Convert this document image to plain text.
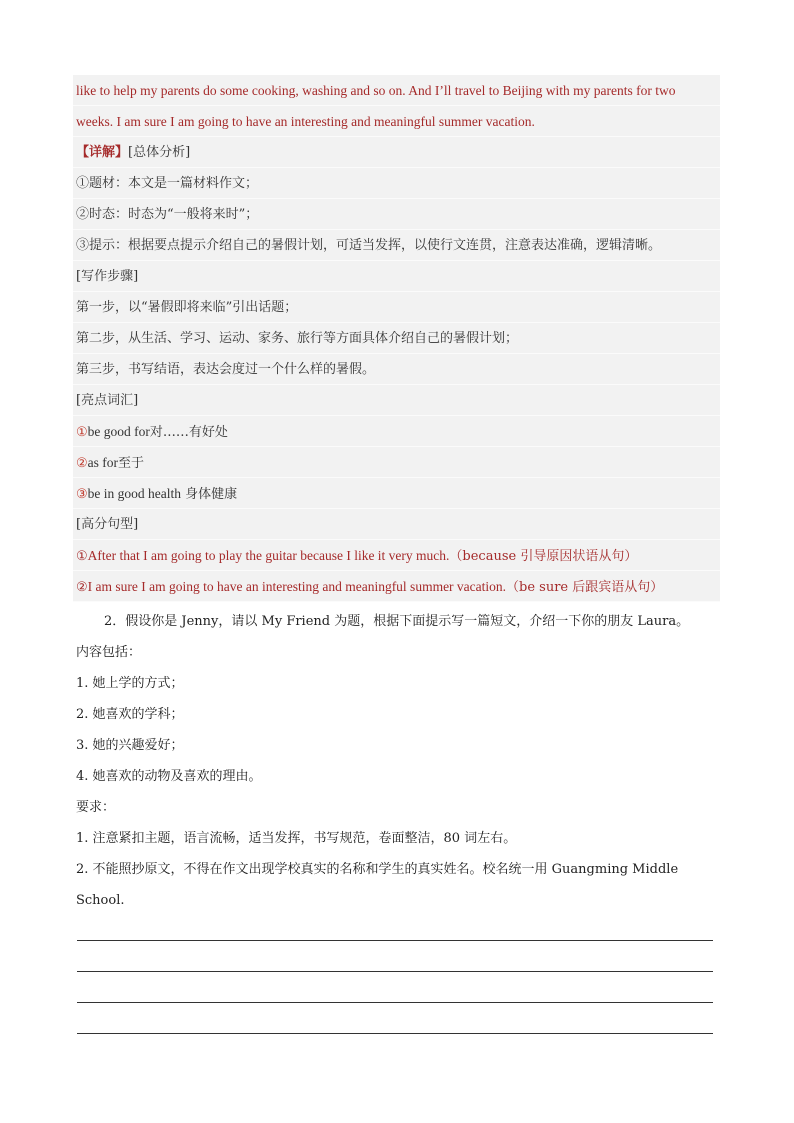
like to help my parents do some cooking, washing and so on. And I’ll travel to Beijing with my parents for two
weeks. I am sure I am going to have an interesting and meaningful summer vacation.
【详解】[总体分析]
①题材：本文是一篇材料作文；
②时态：时态为“一般将来时”；
③提示：根据要点提示介绍自己的暑假计划，可适当发挥，以使行文连贯，注意表达准确，逻辑清晰。
[写作步骤]
第一步，以“暑假即将来临”引出话题；
第二步，从生活、学习、运动、家务、旅行等方面具体介绍自己的暑假计划；
第三步，书写结语，表达会度过一个什么样的暑假。
[亮点词汇]
①be good for对……有好处
②as for至于
③be in good health 身体健康
[高分句型]
①After that I am going to play the guitar because I like it very much.（because 引导原因状语从句）
②I am sure I am going to have an interesting and meaningful summer vacation.（be sure 后跟宾语从句）
2．假设你是 Jenny，请以 My Friend 为题，根据下面提示写一篇短文，介绍一下你的朋友 Laura。
内容包括：
1. 她上学的方式；
2. 她喜欢的学科；
3. 她的兴趣爱好；
4. 她喜欢的动物及喜欢的理由。
要求：
1. 注意紧扣主题，语言流畅，适当发挥，书写规范，卷面整洁，80 词左右。
2. 不能照抄原文，不得在作文出现学校真实的名称和学生的真实姓名。校名统一用 Guangming Middle
School.
